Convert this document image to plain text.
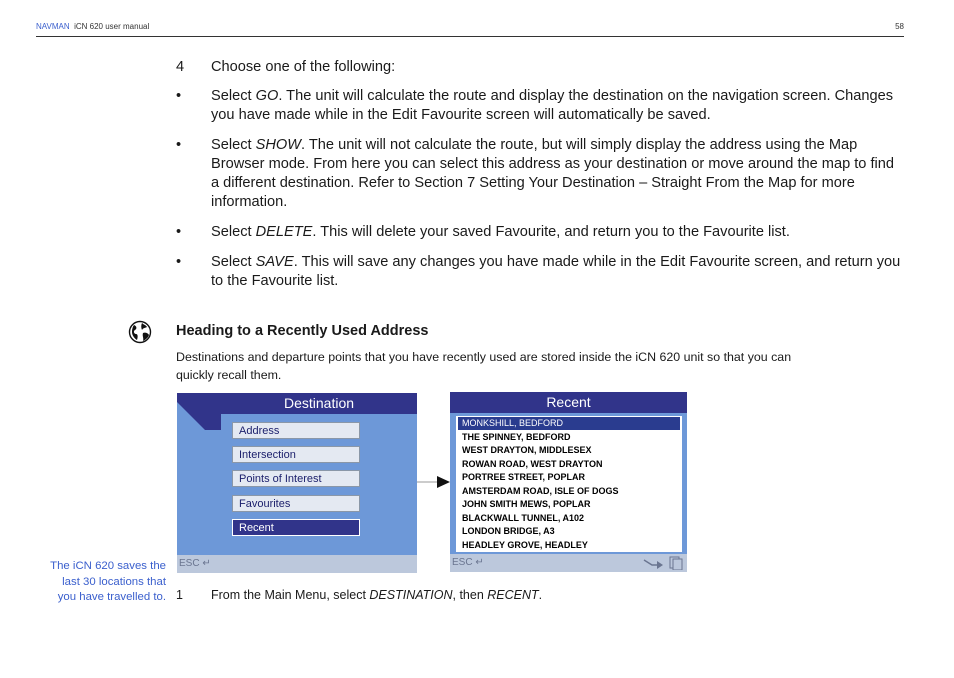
NAVMAN iCN 620 user manual	58
4 Choose one of the following:
• Select GO. The unit will calculate the route and display the destination on the navigation screen. Changes you have made while in the Edit Favourite screen will automatically be saved.
• Select SHOW. The unit will not calculate the route, but will simply display the address using the Map Browser mode. From here you can select this address as your destination or move around the map to find a different destination. Refer to Section 7 Setting Your Destination – Straight From the Map for more information.
• Select DELETE. This will delete your saved Favourite, and return you to the Favourite list.
• Select SAVE. This will save any changes you have made while in the Edit Favourite screen, and return you to the Favourite list.
Heading to a Recently Used Address
Destinations and departure points that you have recently used are stored inside the iCN 620 unit so that you can quickly recall them.
Destination
Address
Intersection
Points of Interest
Favourites
Recent
ESC ↵
Recent
MONKSHILL, BEDFORD
THE SPINNEY, BEDFORD
WEST DRAYTON, MIDDLESEX
ROWAN ROAD, WEST DRAYTON
PORTREE STREET, POPLAR
AMSTERDAM ROAD, ISLE OF DOGS
JOHN SMITH MEWS, POPLAR
BLACKWALL TUNNEL, A102
LONDON BRIDGE, A3
HEADLEY GROVE, HEADLEY
ESC ↵
The iCN 620 saves the last 30 locations that you have travelled to. 1 From the Main Menu, select DESTINATION, then RECENT.
